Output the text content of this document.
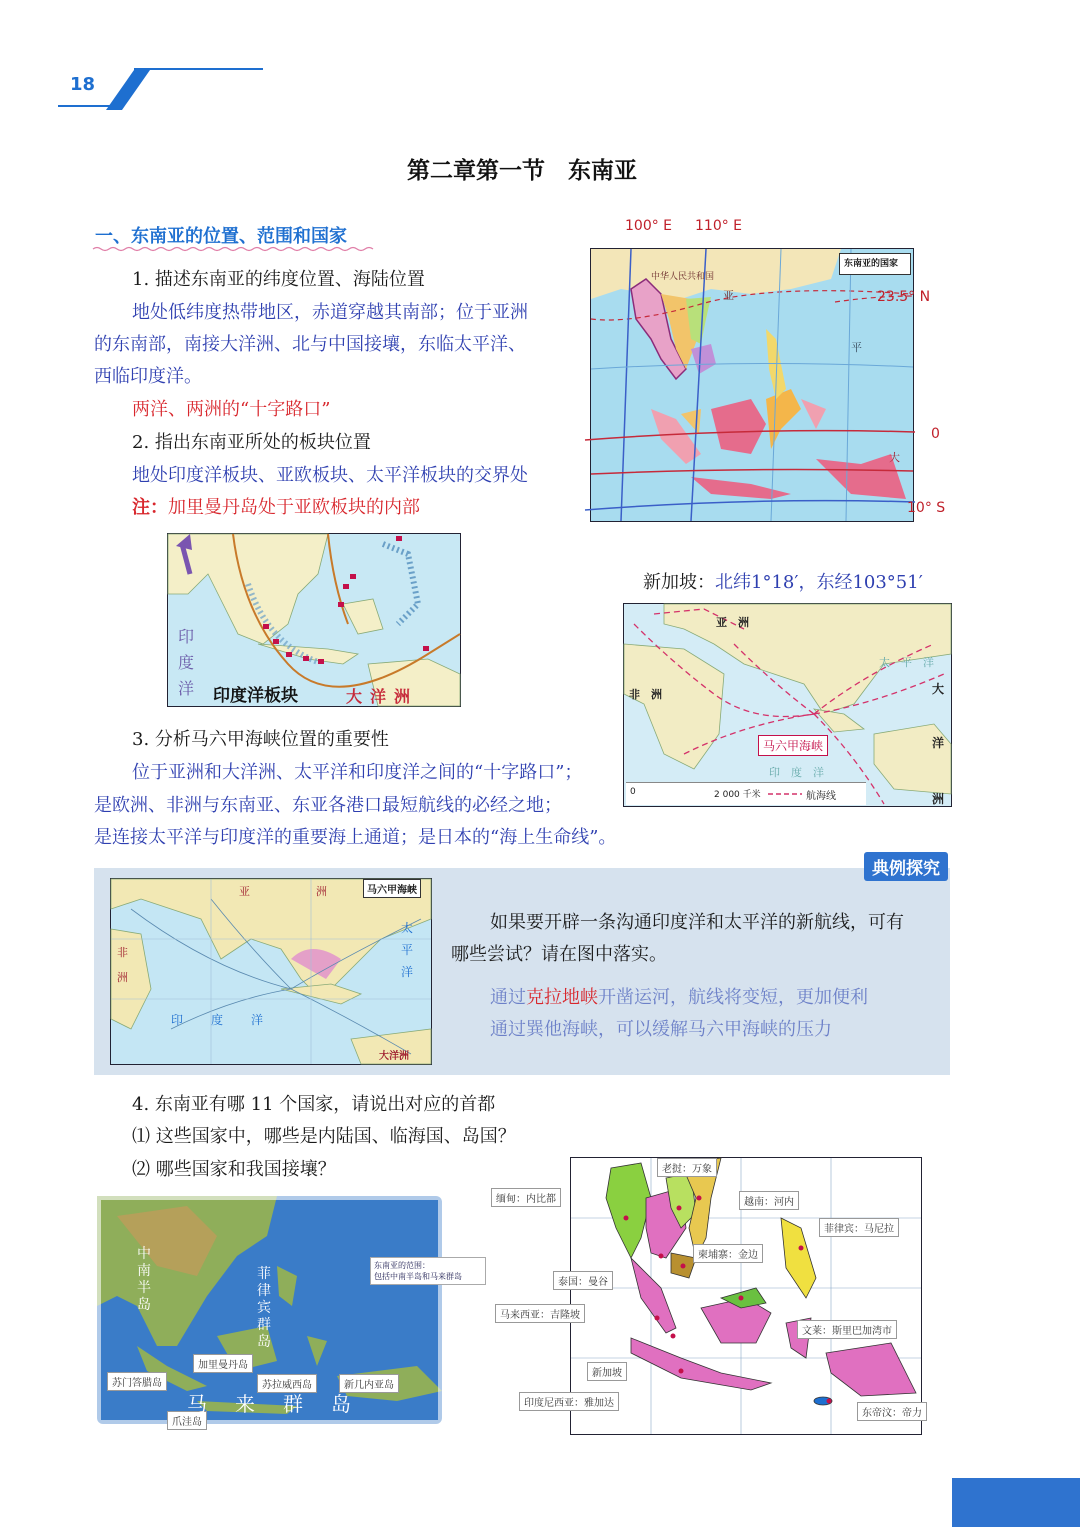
18
第二章第一节　东南亚
一、东南亚的位置、范围和国家
1. 描述东南亚的纬度位置、海陆位置
地处低纬度热带地区，赤道穿越其南部；位于亚洲
的东南部，南接大洋洲、北与中国接壤，东临太平洋、
西临印度洋。
两洋、两洲的“十字路口”
2. 指出东南亚所处的板块位置
地处印度洋板块、亚欧板块、太平洋板块的交界处
注：加里曼丹岛处于亚欧板块的内部
100° E 110° E
中华人民共和国
亚
平
大
东南亚的国家
23.5° N
0
10° S
印度洋 印度洋板块	大洋洲
新加坡：北纬1°18′，东经103°51′
亚　洲
非　洲
太　平　洋
大
洋
洲
印　度　洋
马六甲海峡
0	2 000 千米	航海线
3. 分析马六甲海峡位置的重要性
位于亚洲和大洋洲、太平洋和印度洋之间的“十字路口”；
是欧洲、非洲与东南亚、东亚各港口最短航线的必经之地；
是连接太平洋与印度洋的重要海上通道；是日本的“海上生命线”。
典例探究
马六甲海峡
亚	洲
非
洲
太
平
洋
印 度 洋
大洋洲
如果要开辟一条沟通印度洋和太平洋的新航线，可有
哪些尝试？请在图中落实。
通过克拉地峡开凿运河，航线将变短，更加便利
通过巽他海峡，可以缓解马六甲海峡的压力
4. 东南亚有哪 11 个国家，请说出对应的首都
⑴ 这些国家中，哪些是内陆国、临海国、岛国？
⑵ 哪些国家和我国接壤？
中南半岛
菲律宾群岛
加里曼丹岛
苏门答腊岛	苏拉威西岛	新几内亚岛
爪洼岛
马　来　群　岛
东南亚的范围：
包括中南半岛和马来群岛
老挝：万象
缅甸：内比都	越南：河内
菲律宾：马尼拉
柬埔寨：金边
泰国：曼谷
马来西亚：吉隆坡
文莱：斯里巴加湾市
新加坡
印度尼西亚：雅加达
东帝汶：帝力
